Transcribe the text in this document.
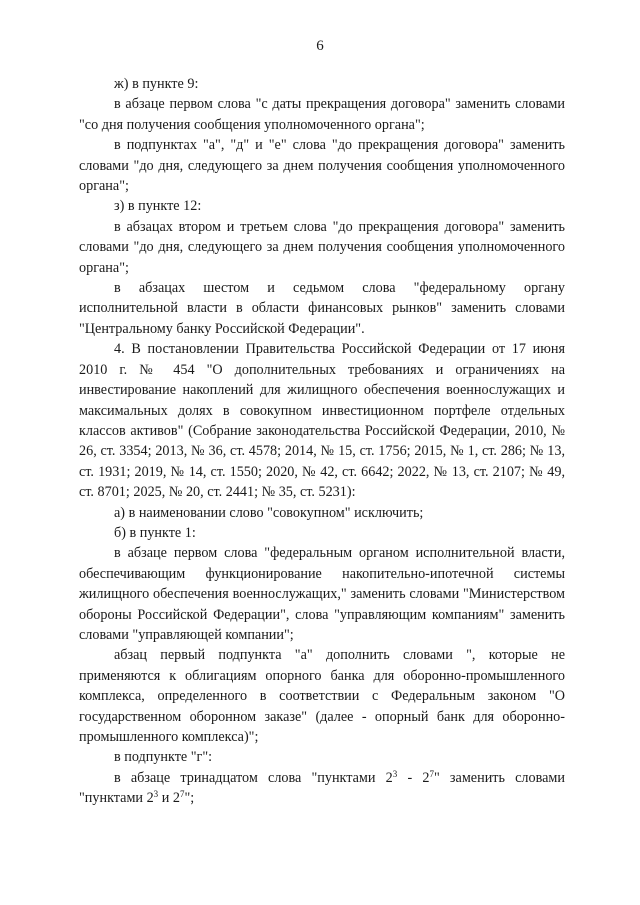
6

ж) в пункте 9:

в абзаце первом слова "с даты прекращения договора" заменить словами "со дня получения сообщения уполномоченного органа";

в подпунктах "а", "д" и "е" слова "до прекращения договора" заменить словами "до дня, следующего за днем получения сообщения уполномоченного органа";

з) в пункте 12:

в абзацах втором и третьем слова "до прекращения договора" заменить словами "до дня, следующего за днем получения сообщения уполномоченного органа";

в абзацах шестом и седьмом слова "федеральному органу исполнительной власти в области финансовых рынков" заменить словами "Центральному банку Российской Федерации".

4. В постановлении Правительства Российской Федерации от 17 июня 2010 г. № 454 "О дополнительных требованиях и ограничениях на инвестирование накоплений для жилищного обеспечения военнослужащих и максимальных долях в совокупном инвестиционном портфеле отдельных классов активов" (Собрание законодательства Российской Федерации, 2010, № 26, ст. 3354; 2013, № 36, ст. 4578; 2014, № 15, ст. 1756; 2015, № 1, ст. 286; № 13, ст. 1931; 2019, № 14, ст. 1550; 2020, № 42, ст. 6642; 2022, № 13, ст. 2107; № 49, ст. 8701; 2025, № 20, ст. 2441; № 35, ст. 5231):

а) в наименовании слово "совокупном" исключить;

б) в пункте 1:

в абзаце первом слова "федеральным органом исполнительной власти, обеспечивающим функционирование накопительно-ипотечной системы жилищного обеспечения военнослужащих," заменить словами "Министерством обороны Российской Федерации", слова "управляющим компаниям" заменить словами "управляющей компании";

абзац первый подпункта "а" дополнить словами ", которые не применяются к облигациям опорного банка для оборонно-промышленного комплекса, определенного в соответствии с Федеральным законом "О государственном оборонном заказе" (далее - опорный банк для оборонно-промышленного комплекса)";

в подпункте "г":

в абзаце тринадцатом слова "пунктами $2^3 - 2^7$" заменить словами "пунктами $2^3$ и $2^7$";
